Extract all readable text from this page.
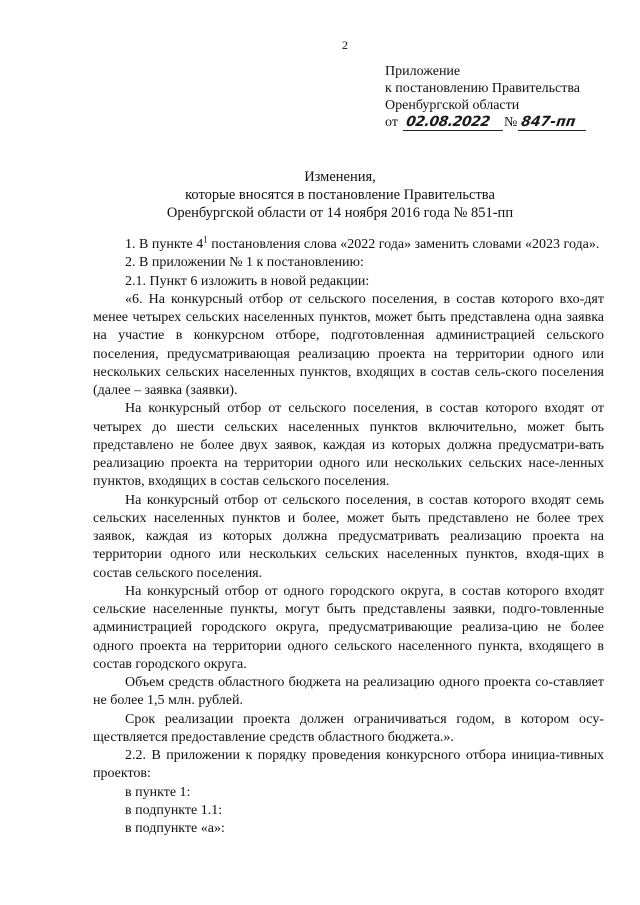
2
Приложение
к постановлению Правительства
Оренбургской области
от 02.08.2022 № 847-пп
Изменения,
которые вносятся в постановление Правительства
Оренбургской области от 14 ноября 2016 года № 851-пп

1. В пункте $4^1$ постановления слова «2022 года» заменить словами «2023 года».

2. В приложении № 1 к постановлению:

2.1. Пункт 6 изложить в новой редакции:

«6. На конкурсный отбор от сельского поселения, в состав которого вхо-дят менее четырех сельских населенных пунктов, может быть представлена одна заявка на участие в конкурсном отборе, подготовленная администрацией сельского поселения, предусматривающая реализацию проекта на территории одного или нескольких сельских населенных пунктов, входящих в состав сель-ского поселения (далее – заявка (заявки).

На конкурсный отбор от сельского поселения, в состав которого входят от четырех до шести сельских населенных пунктов включительно, может быть представлено не более двух заявок, каждая из которых должна предусматри-вать реализацию проекта на территории одного или нескольких сельских насе-ленных пунктов, входящих в состав сельского поселения.

На конкурсный отбор от сельского поселения, в состав которого входят семь сельских населенных пунктов и более, может быть представлено не более трех заявок, каждая из которых должна предусматривать реализацию проекта на территории одного или нескольких сельских населенных пунктов, входя-щих в состав сельского поселения.

На конкурсный отбор от одного городского округа, в состав которого входят сельские населенные пункты, могут быть представлены заявки, подго-товленные администрацией городского округа, предусматривающие реализа-цию не более одного проекта на территории одного сельского населенного пункта, входящего в состав городского округа.

Объем средств областного бюджета на реализацию одного проекта со-ставляет не более 1,5 млн. рублей.

Срок реализации проекта должен ограничиваться годом, в котором осу-ществляется предоставление средств областного бюджета.».

2.2. В приложении к порядку проведения конкурсного отбора инициа-тивных проектов:

в пункте 1:

в подпункте 1.1:

в подпункте «а»:
